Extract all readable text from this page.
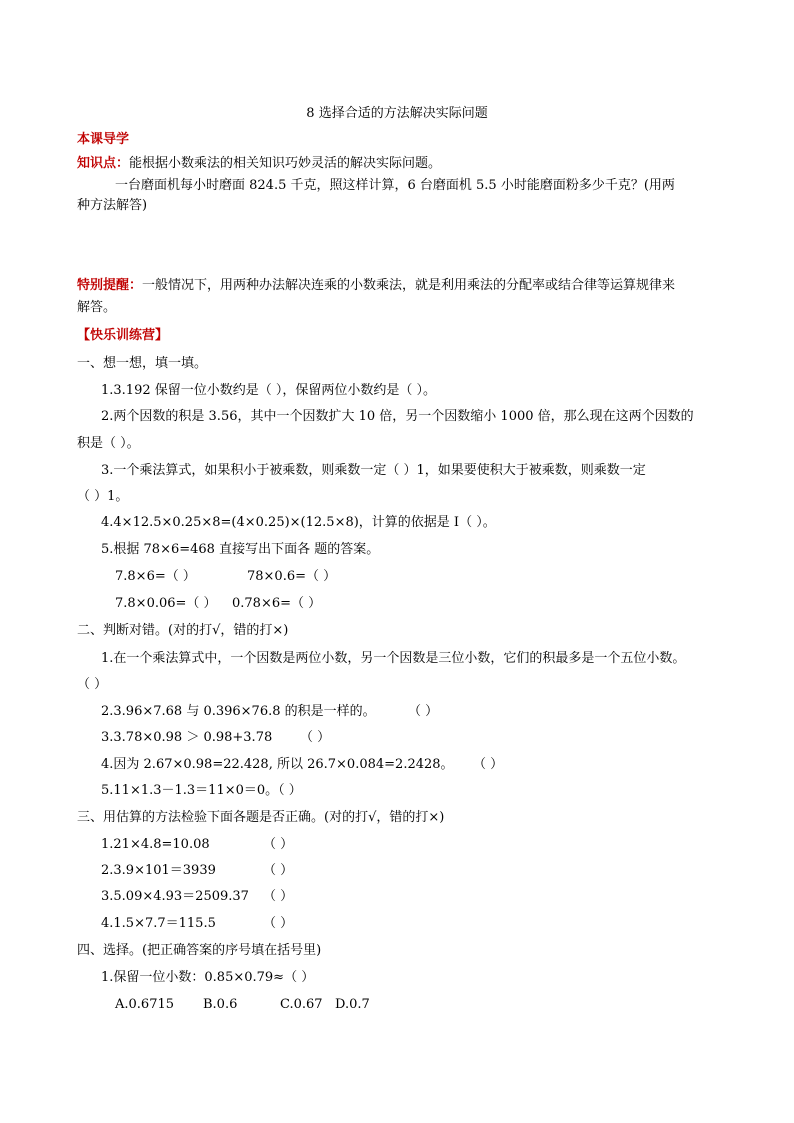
8 选择合适的方法解决实际问题
本课导学
知识点：能根据小数乘法的相关知识巧妙灵活的解决实际问题。
一台磨面机每小时磨面 824.5 千克，照这样计算，6 台磨面机 5.5 小时能磨面粉多少千克？(用两
种方法解答)
特别提醒：一般情况下，用两种办法解决连乘的小数乘法，就是利用乘法的分配率或结合律等运算规律来
解答。
【快乐训练营】
一、想一想，填一填。
1.3.192 保留一位小数约是（ ），保留两位小数约是（ ）。
2.两个因数的积是 3.56，其中一个因数扩大 10 倍，另一个因数缩小 1000 倍，那么现在这两个因数的
积是（ ）。
3.一个乘法算式，如果积小于被乘数，则乘数一定（ ）1，如果要使积大于被乘数，则乘数一定
（ ）1。
4.4×12.5×0.25×8=(4×0.25)×(12.5×8)，计算的依据是 I（ ）。
5.根据 78×6=468 直接写出下面各 题的答案。
7.8×6=（ ）	78×0.6=（ ）
7.8×0.06=（ ） 0.78×6=（ ）
二、判断对错。(对的打√，错的打×)
1.在一个乘法算式中，一个因数是两位小数，另一个因数是三位小数，它们的积最多是一个五位小数。
（ ）
2.3.96×7.68 与 0.396×76.8 的积是一样的。 （ ）
3.3.78×0.98 ＞ 0.98+3.78 （ ）
4.因为 2.67×0.98=22.428, 所以 26.7×0.084=2.2428。 （ ）
5.11×1.3－1.3＝11×0＝0。（ ）
三、用估算的方法检验下面各题是否正确。(对的打√，错的打×)
1.21×4.8=10.08	（ ）
2.3.9×101＝3939	（ ）
3.5.09×4.93＝2509.37 （ ）
4.1.5×7.7＝115.5	（ ）
四、选择。(把正确答案的序号填在括号里)
1.保留一位小数：0.85×0.79≈（ ）
A.0.6715 B.0.6	C.0.67 D.0.7
